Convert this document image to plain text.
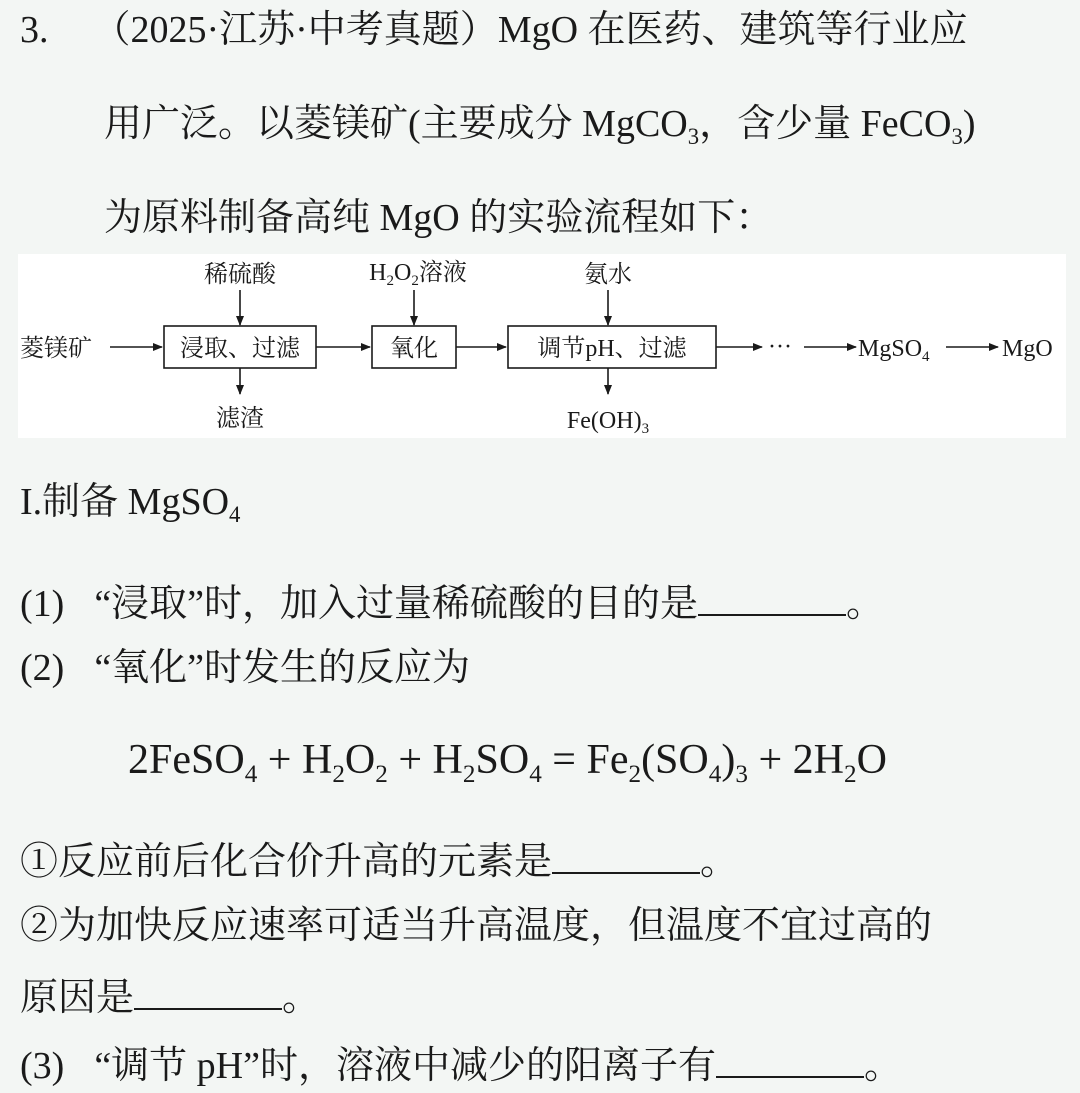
3. （2025·江苏·中考真题）MgO 在医药、建筑等行业应
用广泛。以菱镁矿(主要成分 MgCO$_3$，含少量 FeCO$_3$)
为原料制备高纯 MgO 的实验流程如下：
菱镁矿
稀硫酸
浸取、过滤
滤渣
$H_2O_2$溶液
氧化
氨水
调节pH、过滤
$Fe(OH)_3$
···	MgSO$_4$	MgO
I.制备 MgSO$_4$
(1) “浸取”时，加入过量稀硫酸的目的是	。
(2) “氧化”时发生的反应为
2FeSO$_4$ + $H_2O_2 + H_2SO_4 = Fe_2(SO_4)_3 + 2H_2O$
①反应前后化合价升高的元素是	。
②为加快反应速率可适当升高温度，但温度不宜过高的
原因是	。
(3) “调节 pH”时，溶液中减少的阳离子有	。
